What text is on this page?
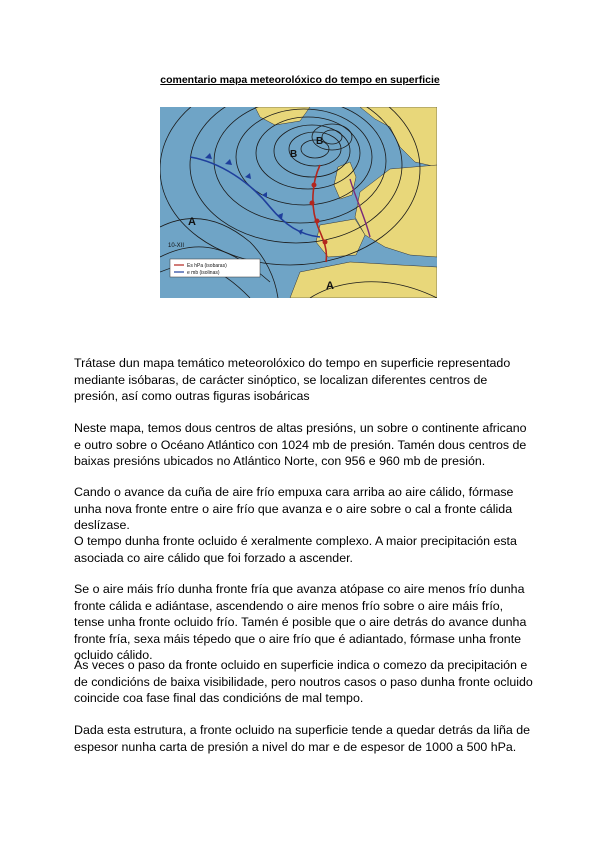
comentario mapa meteorolóxico do tempo en superficie
A
A
B
B
10-XII
Es hPa (isobaras)
e mb (isolinas)
Trátase dun mapa temático meteorolóxico do tempo en superficie representado mediante isóbaras, de carácter sinóptico, se localizan diferentes centros de presión, así como outras figuras isobáricas
Neste mapa, temos dous centros de altas presións, un sobre o continente africano e outro sobre o Océano Atlántico con 1024 mb de presión. Tamén dous centros de baixas presións ubicados no Atlántico Norte, con 956 e 960 mb de presión.
Cando o avance da cuña de aire frío empuxa cara arriba ao aire cálido, fórmase unha nova fronte entre o aire frío que avanza e o aire sobre o cal a fronte cálida deslízase.
O tempo dunha fronte ocluido é xeralmente complexo. A maior precipitación esta asociada co aire cálido que foi forzado a ascender.
Se o aire máis frío dunha fronte fría que avanza atópase co aire menos frío dunha fronte cálida e adiántase, ascendendo o aire menos frío sobre o aire máis frío, tense unha fronte ocluido frío. Tamén é posible que o aire detrás do avance dunha fronte fría, sexa máis tépedo que o aire frío que é adiantado, fórmase unha fronte ocluido cálido.
Ás veces o paso da fronte ocluido en superficie indica o comezo da precipitación e de condicións de baixa visibilidade, pero noutros casos o paso dunha fronte ocluido coincide coa fase final das condicións de mal tempo.
Dada esta estrutura, a fronte ocluido na superficie tende a quedar detrás da liña de espesor nunha carta de presión a nivel do mar e de espesor de 1000 a 500 hPa.
